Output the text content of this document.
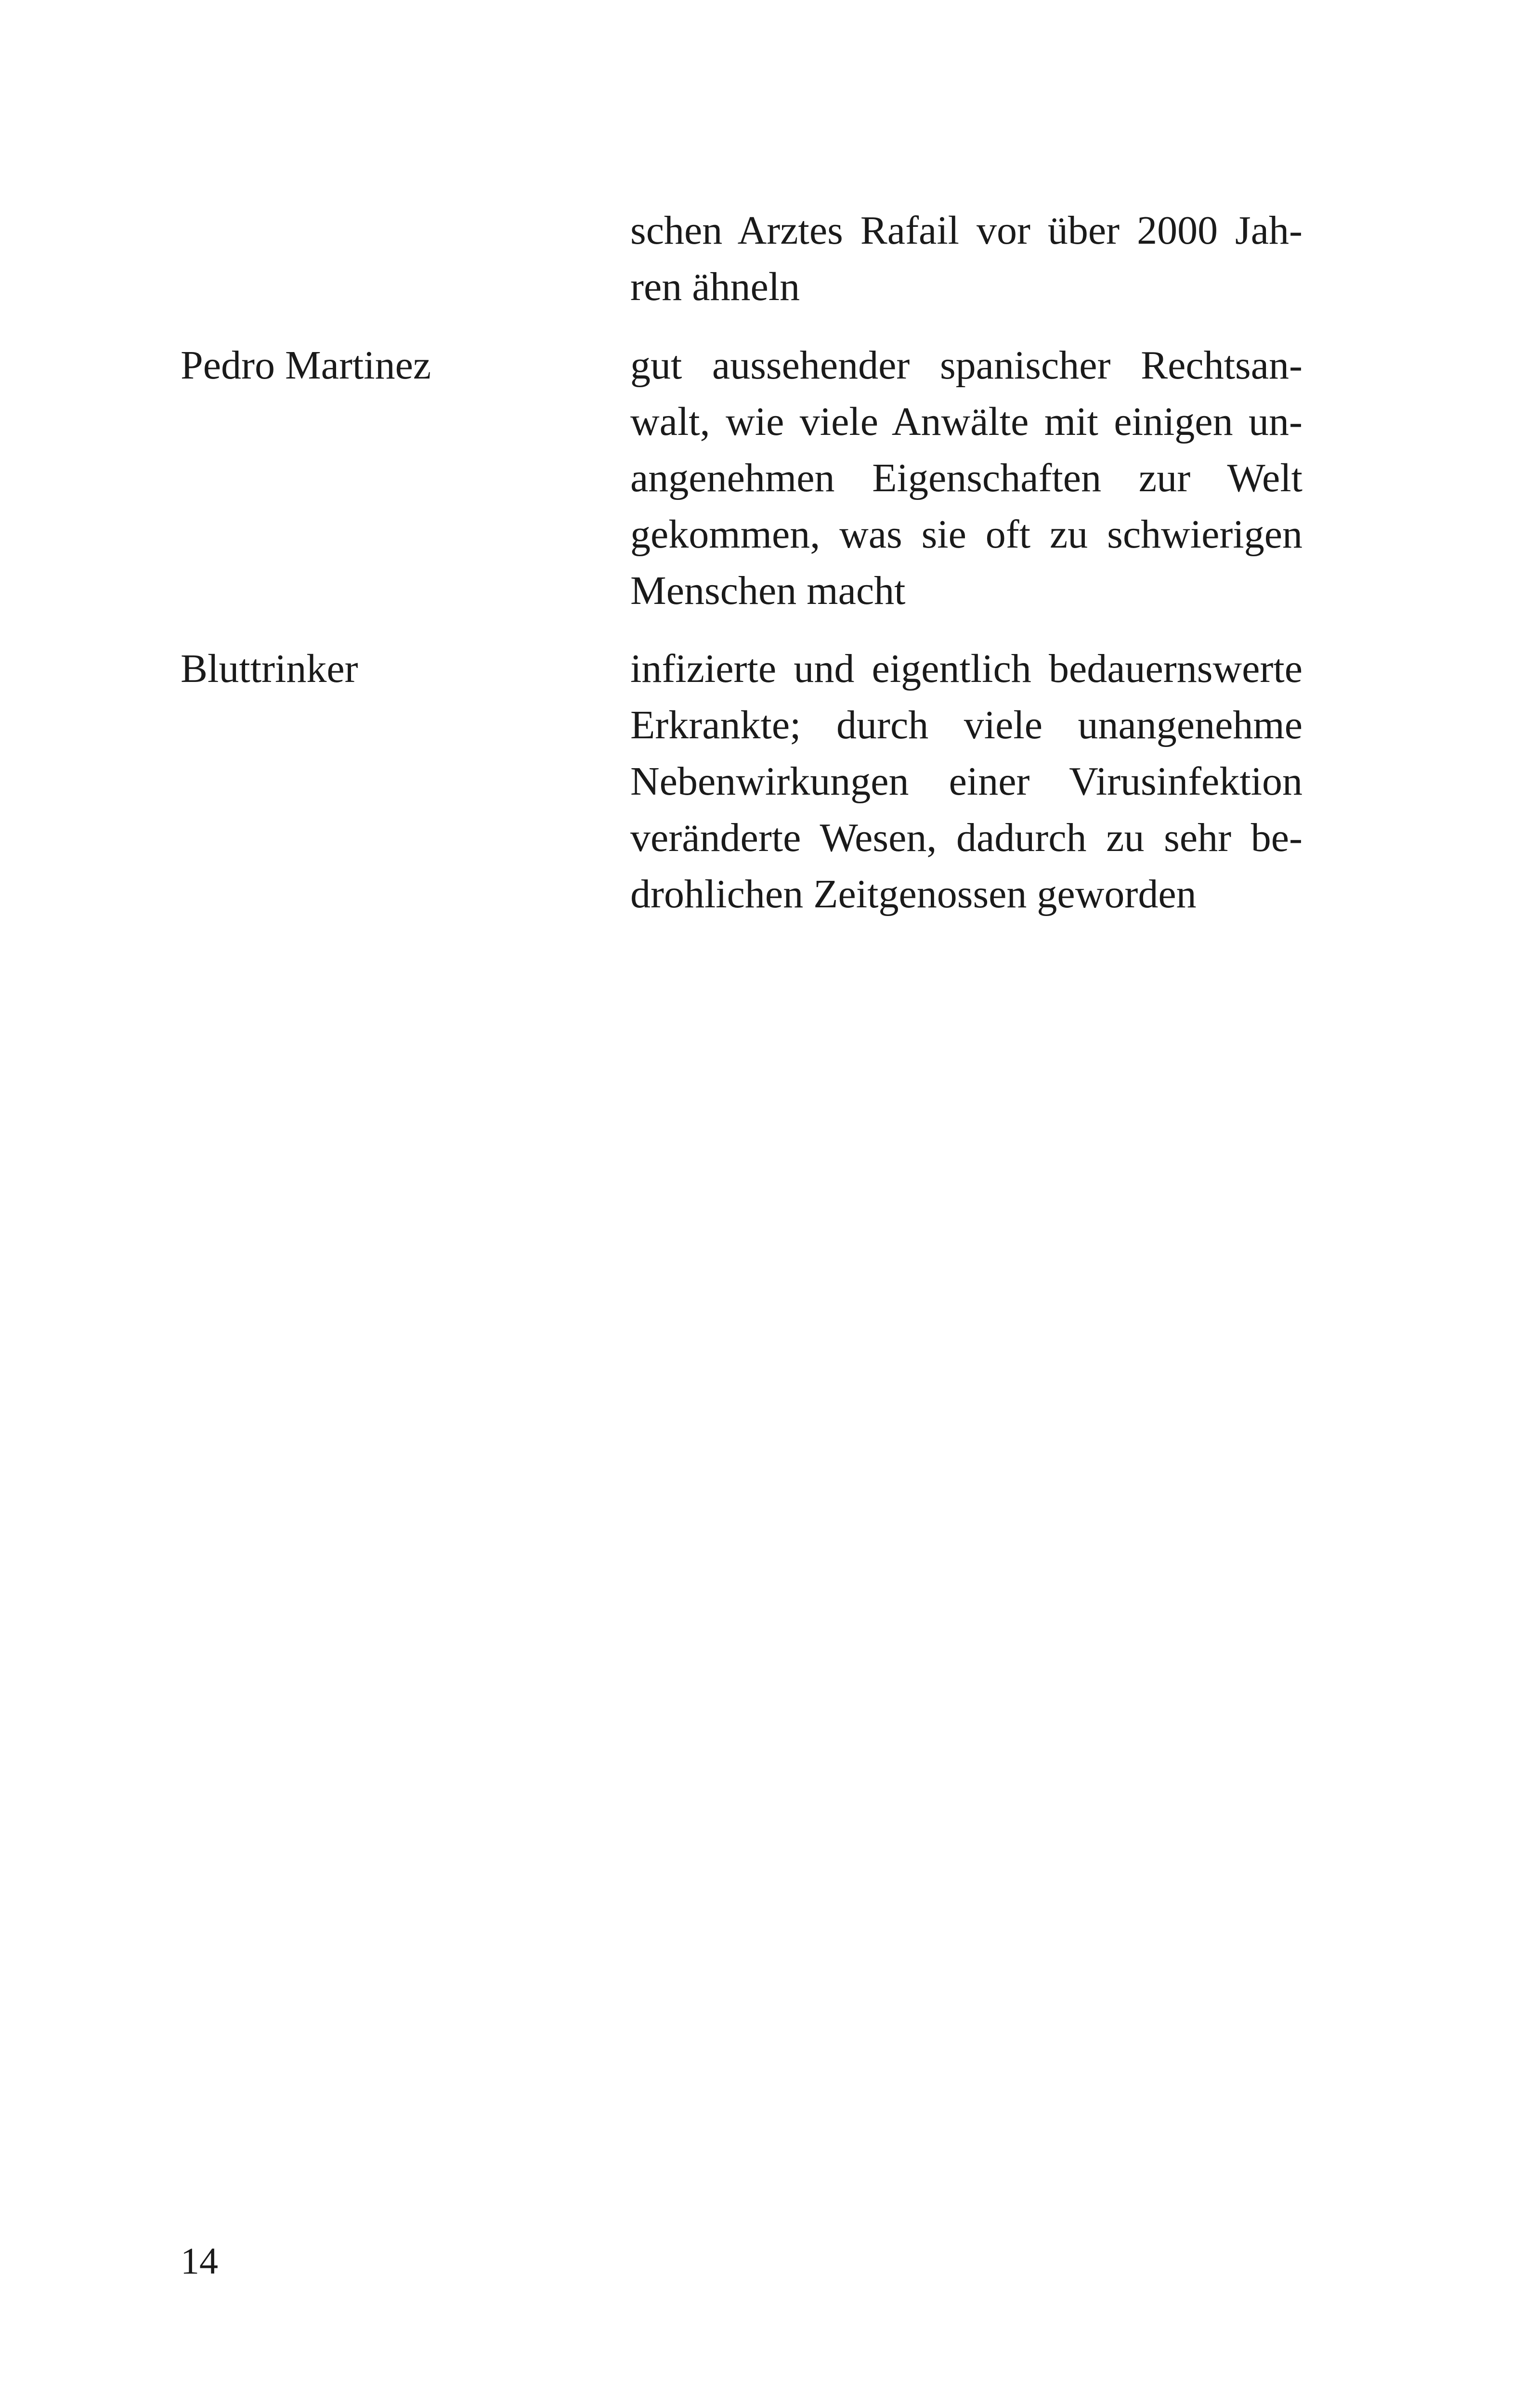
schen Arztes Rafail vor über 2000 Jah-
ren ähneln
Pedro Martinez	gut aussehender spanischer Rechtsan-
walt, wie viele Anwälte mit einigen un-
angenehmen Eigenschaften zur Welt
gekommen, was sie oft zu schwierigen
Menschen macht
Bluttrinker	infizierte und eigentlich bedauernswerte
Erkrankte; durch viele unangenehme
Nebenwirkungen einer Virusinfektion
veränderte Wesen, dadurch zu sehr be-
drohlichen Zeitgenossen geworden
14
